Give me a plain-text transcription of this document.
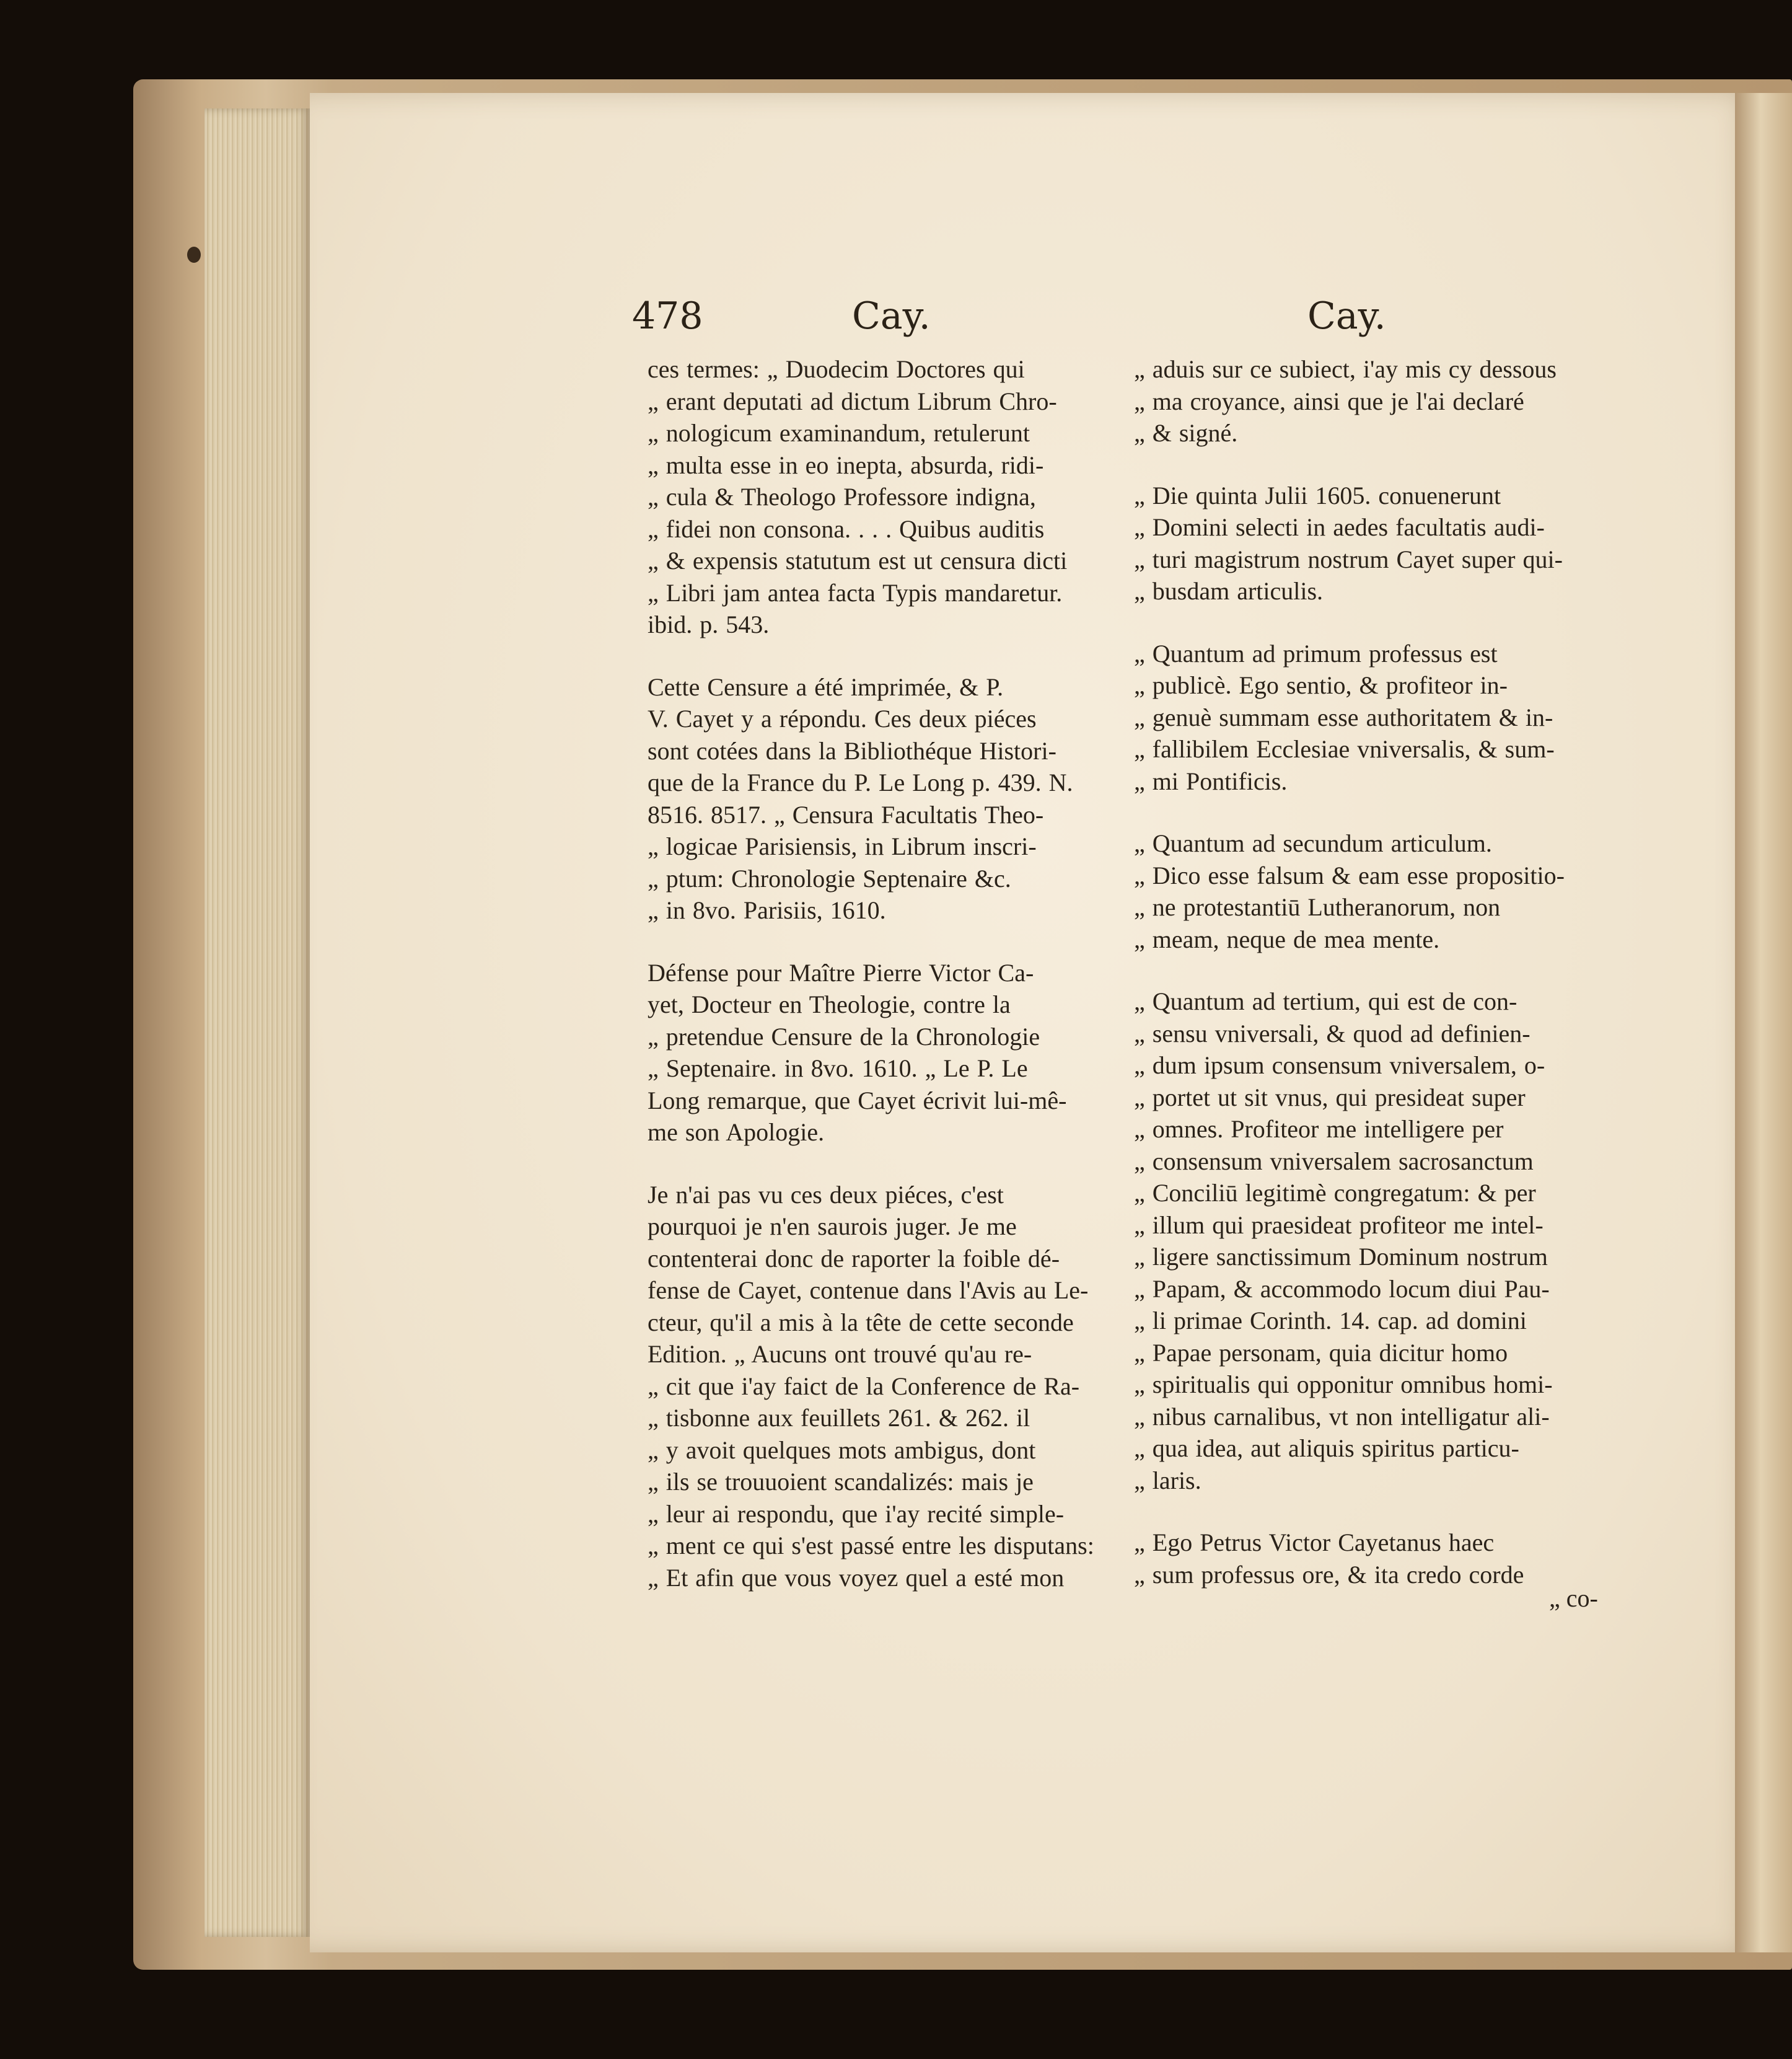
478	Cay.	Cay.

ces termes: „ Duodecim Doctores qui
„ erant deputati ad dictum Librum Chro-
„ nologicum examinandum, retulerunt
„ multa esse in eo inepta, absurda, ridi-
„ cula & Theologo Professore indigna,
„ fidei non consona. . . . Quibus auditis
„ & expensis statutum est ut censura dicti
„ Libri jam antea facta Typis mandaretur.
ibid. p. 543.

Cette Censure a été imprimée, & P.
V. Cayet y a répondu. Ces deux piéces
sont cotées dans la Bibliothéque Histori-
que de la France du P. Le Long p. 439. N.
8516. 8517. „ Censura Facultatis Theo-
„ logicae Parisiensis, in Librum inscri-
„ ptum: Chronologie Septenaire &c.
„ in 8vo. Parisiis, 1610.

Défense pour Maître Pierre Victor Ca-
yet, Docteur en Theologie, contre la
„ pretendue Censure de la Chronologie
„ Septenaire. in 8vo. 1610. „ Le P. Le
Long remarque, que Cayet écrivit lui-mê-
me son Apologie.

Je n'ai pas vu ces deux piéces, c'est
pourquoi je n'en saurois juger. Je me
contenterai donc de raporter la foible dé-
fense de Cayet, contenue dans l'Avis au Le-
cteur, qu'il a mis à la tête de cette seconde
Edition. „ Aucuns ont trouvé qu'au re-
„ cit que i'ay faict de la Conference de Ra-
„ tisbonne aux feuillets 261. & 262. il
„ y avoit quelques mots ambigus, dont
„ ils se trouuoient scandalizés: mais je
„ leur ai respondu, que i'ay recité simple-
„ ment ce qui s'est passé entre les disputans:
„ Et afin que vous voyez quel a esté mon

„ aduis sur ce subiect, i'ay mis cy dessous
„ ma croyance, ainsi que je l'ai declaré
„ & signé.

„ Die quinta Julii 1605. conuenerunt
„ Domini selecti in aedes facultatis audi-
„ turi magistrum nostrum Cayet super qui-
„ busdam articulis.

„ Quantum ad primum professus est
„ publicè. Ego sentio, & profiteor in-
„ genuè summam esse authoritatem & in-
„ fallibilem Ecclesiae vniversalis, & sum-
„ mi Pontificis.

„ Quantum ad secundum articulum.
„ Dico esse falsum & eam esse propositio-
„ ne protestantiū Lutheranorum, non
„ meam, neque de mea mente.

„ Quantum ad tertium, qui est de con-
„ sensu vniversali, & quod ad definien-
„ dum ipsum consensum vniversalem, o-
„ portet ut sit vnus, qui presideat super
„ omnes. Profiteor me intelligere per
„ consensum vniversalem sacrosanctum
„ Conciliū legitimè congregatum: & per
„ illum qui praesideat profiteor me intel-
„ ligere sanctissimum Dominum nostrum
„ Papam, & accommodo locum diui Pau-
„ li primae Corinth. 14. cap. ad domini
„ Papae personam, quia dicitur homo
„ spiritualis qui opponitur omnibus homi-
„ nibus carnalibus, vt non intelligatur ali-
„ qua idea, aut aliquis spiritus particu-
„ laris.

„ Ego Petrus Victor Cayetanus haec
„ sum professus ore, & ita credo corde

„ co-
